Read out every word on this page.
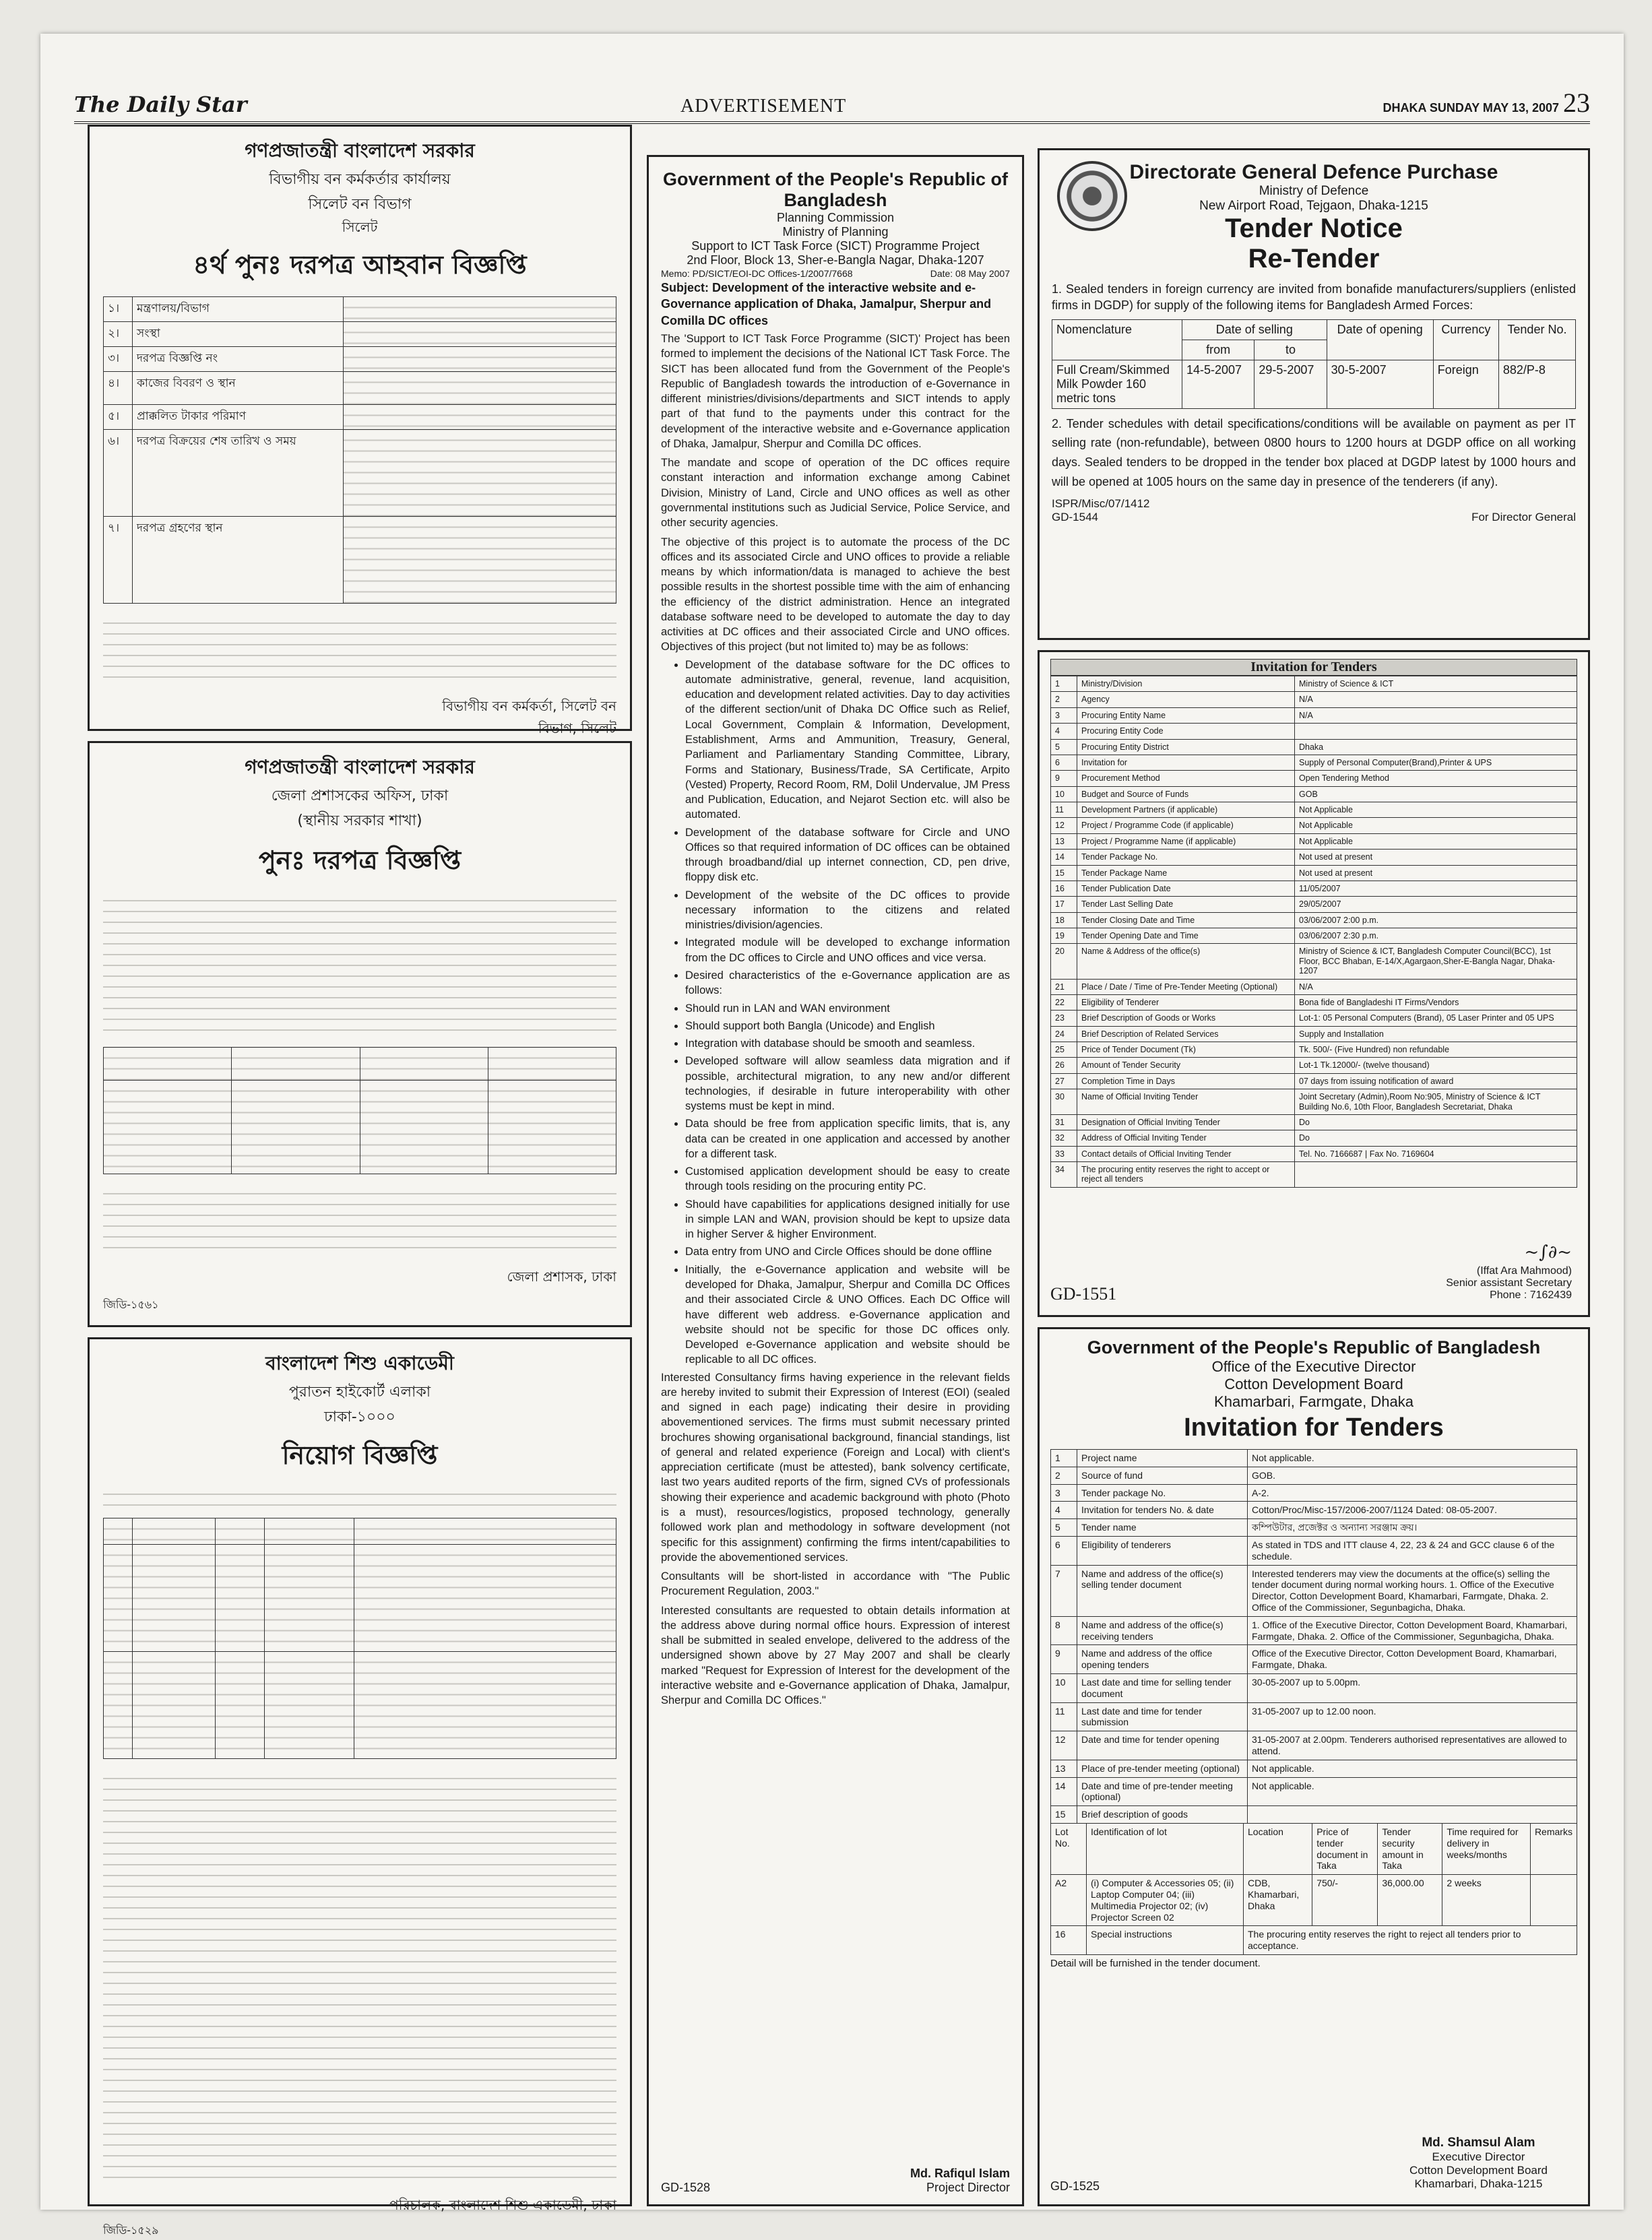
The Daily Star	ADVERTISEMENT	DHAKA SUNDAY MAY 13, 2007 23
গণপ্রজাতন্ত্রী বাংলাদেশ সরকার
বিভাগীয় বন কর্মকর্তার কার্যালয়
সিলেট বন বিভাগ
সিলেট
৪র্থ পুনঃ দরপত্র আহবান বিজ্ঞপ্তি
১।	মন্ত্রণালয়/বিভাগ	
২।	সংস্থা	
৩।	দরপত্র বিজ্ঞপ্তি নং	
৪।	কাজের বিবরণ ও স্থান	
৫।	প্রাক্কলিত টাকার পরিমাণ	
৬।	দরপত্র বিক্রয়ের শেষ তারিখ ও সময়	
৭।	দরপত্র গ্রহণের স্থান	
বিভাগীয় বন কর্মকর্তা, সিলেট বন বিভাগ, সিলেট
গণপ্রজাতন্ত্রী বাংলাদেশ সরকার
জেলা প্রশাসকের অফিস, ঢাকা
(স্থানীয় সরকার শাখা)
পুনঃ দরপত্র বিজ্ঞপ্তি

জেলা প্রশাসক, ঢাকা
জিডি-১৫৬১
বাংলাদেশ শিশু একাডেমী
পুরাতন হাইকোর্ট এলাকা
ঢাকা-১০০০
নিয়োগ বিজ্ঞপ্তি

পরিচালক, বাংলাদেশ শিশু একাডেমী, ঢাকা
জিডি-১৫২৯
Government of the People's Republic of Bangladesh
Planning Commission
Ministry of Planning
Support to ICT Task Force (SICT) Programme Project
2nd Floor, Block 13, Sher-e-Bangla Nagar, Dhaka-1207
Memo: PD/SICT/EOI-DC Offices-1/2007/7668	Date: 08 May 2007
Subject: Development of the interactive website and e-Governance application of Dhaka, Jamalpur, Sherpur and Comilla DC offices
The 'Support to ICT Task Force Programme (SICT)' Project has been formed to implement the decisions of the National ICT Task Force. The SICT has been allocated fund from the Government of the People's Republic of Bangladesh towards the introduction of e-Governance in different ministries/divisions/departments and SICT intends to apply part of that fund to the payments under this contract for the development of the interactive website and e-Governance application of Dhaka, Jamalpur, Sherpur and Comilla DC offices.
The mandate and scope of operation of the DC offices require constant interaction and information exchange among Cabinet Division, Ministry of Land, Circle and UNO offices as well as other governmental institutions such as Judicial Service, Police Service, and other security agencies.
The objective of this project is to automate the process of the DC offices and its associated Circle and UNO offices to provide a reliable means by which information/data is managed to achieve the best possible results in the shortest possible time with the aim of enhancing the efficiency of the district administration. Hence an integrated database software need to be developed to automate the day to day activities at DC offices and their associated Circle and UNO offices. Objectives of this project (but not limited to) may be as follows:
• Development of the database software for the DC offices to automate administrative, general, revenue, land acquisition, education and development related activities. Day to day activities of the different section/unit of Dhaka DC Office such as Relief, Local Government, Complain & Information, Development, Establishment, Arms and Ammunition, Treasury, General, Parliament and Parliamentary Standing Committee, Library, Forms and Stationary, Business/Trade, SA Certificate, Arpito (Vested) Property, Record Room, RM, Dolil Undervalue, JM Press and Publication, Education, and Nejarot Section etc. will also be automated.
• Development of the database software for Circle and UNO Offices so that required information of DC offices can be obtained through broadband/dial up internet connection, CD, pen drive, floppy disk etc.
• Development of the website of the DC offices to provide necessary information to the citizens and related ministries/division/agencies.
• Integrated module will be developed to exchange information from the DC offices to Circle and UNO offices and vice versa.
• Desired characteristics of the e-Governance application are as follows:
• Should run in LAN and WAN environment
• Should support both Bangla (Unicode) and English
• Integration with database should be smooth and seamless.
• Developed software will allow seamless data migration and if possible, architectural migration, to any new and/or different technologies, if desirable in future interoperability with other systems must be kept in mind.
• Data should be free from application specific limits, that is, any data can be created in one application and accessed by another for a different task.
• Customised application development should be easy to create through tools residing on the procuring entity PC.
• Should have capabilities for applications designed initially for use in simple LAN and WAN, provision should be kept to upsize data in higher Server & higher Environment.
• Data entry from UNO and Circle Offices should be done offline
• Initially, the e-Governance application and website will be developed for Dhaka, Jamalpur, Sherpur and Comilla DC Offices and their associated Circle & UNO Offices. Each DC Office will have different web address. e-Governance application and website should not be specific for those DC offices only. Developed e-Governance application and website should be replicable to all DC offices.
Interested Consultancy firms having experience in the relevant fields are hereby invited to submit their Expression of Interest (EOI) (sealed and signed in each page) indicating their desire in providing abovementioned services. The firms must submit necessary printed brochures showing organisational background, financial standings, list of general and related experience (Foreign and Local) with client's appreciation certificate (must be attested), bank solvency certificate, last two years audited reports of the firm, signed CVs of professionals showing their experience and academic background with photo (Photo is a must), resources/logistics, proposed technology, generally followed work plan and methodology in software development (not specific for this assignment) confirming the firms intent/capabilities to provide the abovementioned services.
Consultants will be short-listed in accordance with "The Public Procurement Regulation, 2003."
Interested consultants are requested to obtain details information at the address above during normal office hours. Expression of interest shall be submitted in sealed envelope, delivered to the address of the undersigned shown above by 27 May 2007 and shall be clearly marked "Request for Expression of Interest for the development of the interactive website and e-Governance application of Dhaka, Jamalpur, Sherpur and Comilla DC Offices."
GD-1528
Md. Rafiqul Islam
Project Director
Directorate General Defence Purchase
Ministry of Defence
New Airport Road, Tejgaon, Dhaka-1215
Tender Notice
Re-Tender
1. Sealed tenders in foreign currency are invited from bonafide manufacturers/suppliers (enlisted firms in DGDP) for supply of the following items for Bangladesh Armed Forces:
Nomenclature	Date of selling		Date of opening	Currency	Tender No.
	from	to			
Full Cream/Skimmed Milk Powder 160 metric tons	14-5-2007	29-5-2007	30-5-2007	Foreign	882/P-8
2. Tender schedules with detail specifications/conditions will be available on payment as per IT selling rate (non-refundable), between 0800 hours to 1200 hours at DGDP office on all working days. Sealed tenders to be dropped in the tender box placed at DGDP latest by 1000 hours and will be opened at 1005 hours on the same day in presence of the tenderers (if any).
ISPR/Misc/07/1412
GD-1544	For Director General
Invitation for Tenders
1	Ministry/Division	Ministry of Science & ICT
2	Agency	N/A
3	Procuring Entity Name	N/A
4	Procuring Entity Code	
5	Procuring Entity District	Dhaka
6	Invitation for	Supply of Personal Computer(Brand),Printer & UPS
9	Procurement Method	Open Tendering Method
10	Budget and Source of Funds	GOB
11	Development Partners (if applicable)	Not Applicable
12	Project / Programme Code (if applicable)	Not Applicable
13	Project / Programme Name (if applicable)	Not Applicable
14	Tender Package No.	Not used at present
15	Tender Package Name	Not used at present
16	Tender Publication Date	11/05/2007
17	Tender Last Selling Date	29/05/2007
18	Tender Closing Date and Time	03/06/2007 2:00 p.m.
19	Tender Opening Date and Time	03/06/2007 2:30 p.m.
20	Name & Address of the office(s)	Ministry of Science & ICT, Bangladesh Computer Council(BCC), 1st Floor, BCC Bhaban, E-14/X,Agargaon,Sher-E-Bangla Nagar, Dhaka-1207
21	Place / Date / Time of Pre-Tender Meeting (Optional)	N/A
22	Eligibility of Tenderer	Bona fide of Bangladeshi IT Firms/Vendors
23	Brief Description of Goods or Works	Lot-1: 05 Personal Computers (Brand), 05 Laser Printer and 05 UPS
24	Brief Description of Related Services	Supply and Installation
25	Price of Tender Document (Tk)	Tk. 500/- (Five Hundred) non refundable
26	Amount of Tender Security	Lot-1 Tk.12000/- (twelve thousand)
27	Completion Time in Days	07 days from issuing notification of award
30	Name of Official Inviting Tender	Joint Secretary (Admin),Room No:905, Ministry of Science & ICT Building No.6, 10th Floor, Bangladesh Secretariat, Dhaka
31	Designation of Official Inviting Tender	Do
32	Address of Official Inviting Tender	Do
33	Contact details of Official Inviting Tender	Tel. No. 7166687 | Fax No. 7169604
34	The procuring entity reserves the right to accept or reject all tenders	
~∫∂~
(Iffat Ara Mahmood)
Senior assistant Secretary
Phone : 7162439
GD-1551
Government of the People's Republic of Bangladesh
Office of the Executive Director
Cotton Development Board
Khamarbari, Farmgate, Dhaka
Invitation for Tenders
1	Project name	Not applicable.
2	Source of fund	GOB.
3	Tender package No.	A-2.
4	Invitation for tenders No. & date	Cotton/Proc/Misc-157/2006-2007/1124 Dated: 08-05-2007.
5	Tender name	কম্পিউটার, প্রজেক্টর ও অন্যান্য সরঞ্জাম ক্রয়।
6	Eligibility of tenderers	As stated in TDS and ITT clause 4, 22, 23 & 24 and GCC clause 6 of the schedule.
7	Name and address of the office(s) selling tender document	Interested tenderers may view the documents at the office(s) selling the tender document during normal working hours. 1. Office of the Executive Director, Cotton Development Board, Khamarbari, Farmgate, Dhaka. 2. Office of the Commissioner, Segunbagicha, Dhaka.
8	Name and address of the office(s) receiving tenders	1. Office of the Executive Director, Cotton Development Board, Khamarbari, Farmgate, Dhaka. 2. Office of the Commissioner, Segunbagicha, Dhaka.
9	Name and address of the office opening tenders	Office of the Executive Director, Cotton Development Board, Khamarbari, Farmgate, Dhaka.
10	Last date and time for selling tender document	30-05-2007 up to 5.00pm.
11	Last date and time for tender submission	31-05-2007 up to 12.00 noon.
12	Date and time for tender opening	31-05-2007 at 2.00pm. Tenderers authorised representatives are allowed to attend.
13	Place of pre-tender meeting (optional)	Not applicable.
14	Date and time of pre-tender meeting (optional)	Not applicable.
15	Brief description of goods	
Lot No.	Identification of lot	Location	Price of tender document in Taka	Tender security amount in Taka	Time required for delivery in weeks/months	Remarks
A2	(i) Computer & Accessories 05; (ii) Laptop Computer 04; (iii) Multimedia Projector 02; (iv) Projector Screen 02	CDB, Khamarbari, Dhaka	750/-	36,000.00	2 weeks	
16	Special instructions	The procuring entity reserves the right to reject all tenders prior to acceptance.				
Detail will be furnished in the tender document.
Md. Shamsul Alam
Executive Director
Cotton Development Board
Khamarbari, Dhaka-1215
GD-1525
